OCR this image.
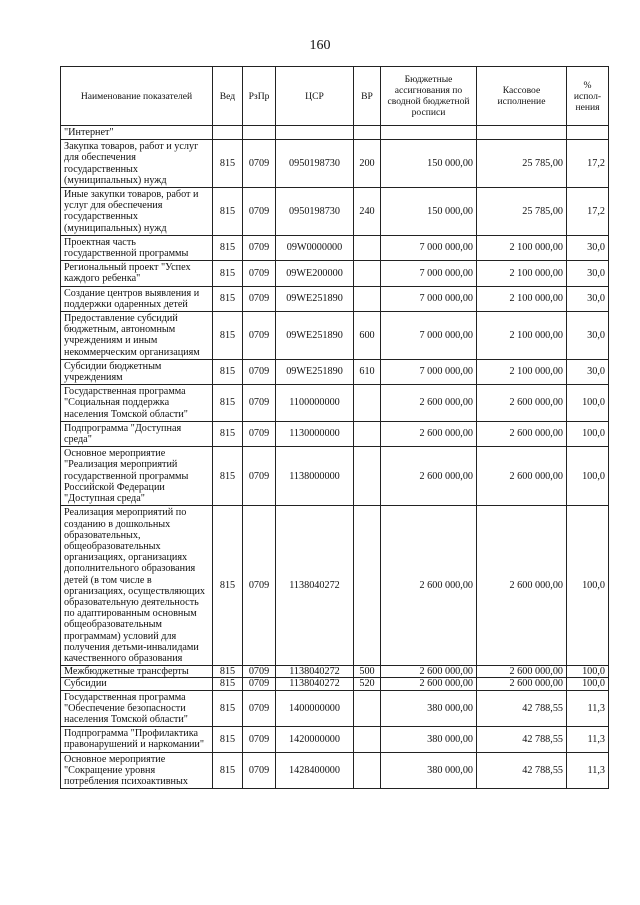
160
Наименование показателей	Вед	РзПр	ЦСР	ВР	Бюджетные ассигнования по сводной бюджетной росписи	Кассовое исполнение	% испол-нения
"Интернет"							
Закупка товаров, работ и услуг для обеспечения государственных (муниципальных) нужд	815	0709	0950198730	200	150 000,00	25 785,00	17,2
Иные закупки товаров, работ и услуг для обеспечения государственных (муниципальных) нужд	815	0709	0950198730	240	150 000,00	25 785,00	17,2
Проектная часть государственной программы	815	0709	09W0000000		7 000 000,00	2 100 000,00	30,0
Региональный проект "Успех каждого ребенка"	815	0709	09WE200000		7 000 000,00	2 100 000,00	30,0
Создание центров выявления и поддержки одаренных детей	815	0709	09WE251890		7 000 000,00	2 100 000,00	30,0
Предоставление субсидий бюджетным, автономным учреждениям и иным некоммерческим организациям	815	0709	09WE251890	600	7 000 000,00	2 100 000,00	30,0
Субсидии бюджетным учреждениям	815	0709	09WE251890	610	7 000 000,00	2 100 000,00	30,0
Государственная программа "Социальная поддержка населения Томской области"	815	0709	1100000000		2 600 000,00	2 600 000,00	100,0
Подпрограмма "Доступная среда"	815	0709	1130000000		2 600 000,00	2 600 000,00	100,0
Основное мероприятие "Реализация мероприятий государственной программы Российской Федерации "Доступная среда"	815	0709	1138000000		2 600 000,00	2 600 000,00	100,0
Реализация мероприятий по созданию в дошкольных образовательных, общеобразовательных организациях, организациях дополнительного образования детей (в том числе в организациях, осуществляющих образовательную деятельность по адаптированным основным общеобразовательным программам) условий для получения детьми-инвалидами качественного образования	815	0709	1138040272		2 600 000,00	2 600 000,00	100,0
Межбюджетные трансферты	815	0709	1138040272	500	2 600 000,00	2 600 000,00	100,0
Субсидии	815	0709	1138040272	520	2 600 000,00	2 600 000,00	100,0
Государственная программа "Обеспечение безопасности населения Томской области"	815	0709	1400000000		380 000,00	42 788,55	11,3
Подпрограмма "Профилактика правонарушений и наркомании"	815	0709	1420000000		380 000,00	42 788,55	11,3
Основное мероприятие "Сокращение уровня потребления психоактивных	815	0709	1428400000		380 000,00	42 788,55	11,3
